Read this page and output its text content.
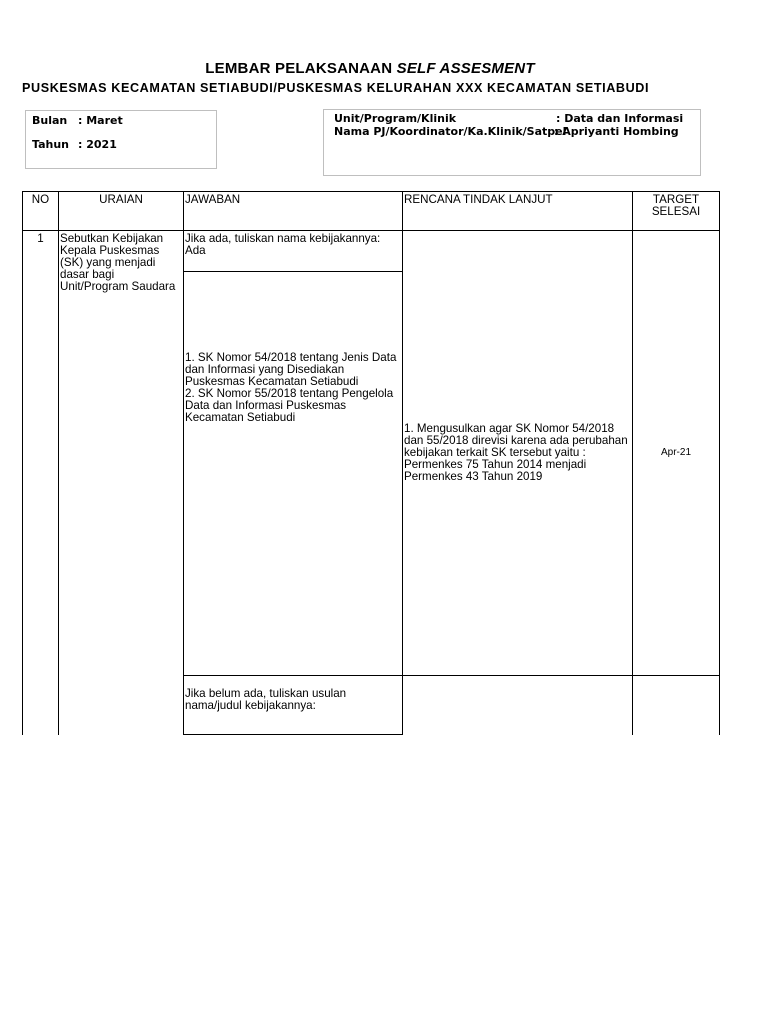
LEMBAR PELAKSANAAN SELF ASSESMENT
PUSKESMAS KECAMATAN SETIABUDI/PUSKESMAS KELURAHAN XXX KECAMATAN SETIABUDI
Bulan : Maret
Tahun : 2021
Unit/Program/Klinik	: Data dan Informasi
Nama PJ/Koordinator/Ka.Klinik/Satpel
: Apriyanti Hombing
NO	URAIAN	JAWABAN	RENCANA TINDAK LANJUT	TARGET SELESAI
1	Sebutkan Kebijakan Kepala Puskesmas (SK) yang menjadi dasar bagi Unit/Program Saudara	Jika ada, tuliskan nama kebijakannya: Ada	1. Mengusulkan agar SK Nomor 54/2018 dan 55/2018 direvisi karena ada perubahan kebijakan terkait SK tersebut yaitu : Permenkes 75 Tahun 2014 menjadi Permenkes 43 Tahun 2019	Apr-21

		1. SK Nomor 54/2018 tentang Jenis Data dan Informasi yang Disediakan Puskesmas Kecamatan Setiabudi
2. SK Nomor 55/2018 tentang Pengelola Data dan Informasi Puskesmas Kecamatan Setiabudi		

		Jika belum ada, tuliskan usulan nama/judul kebijakannya:		
